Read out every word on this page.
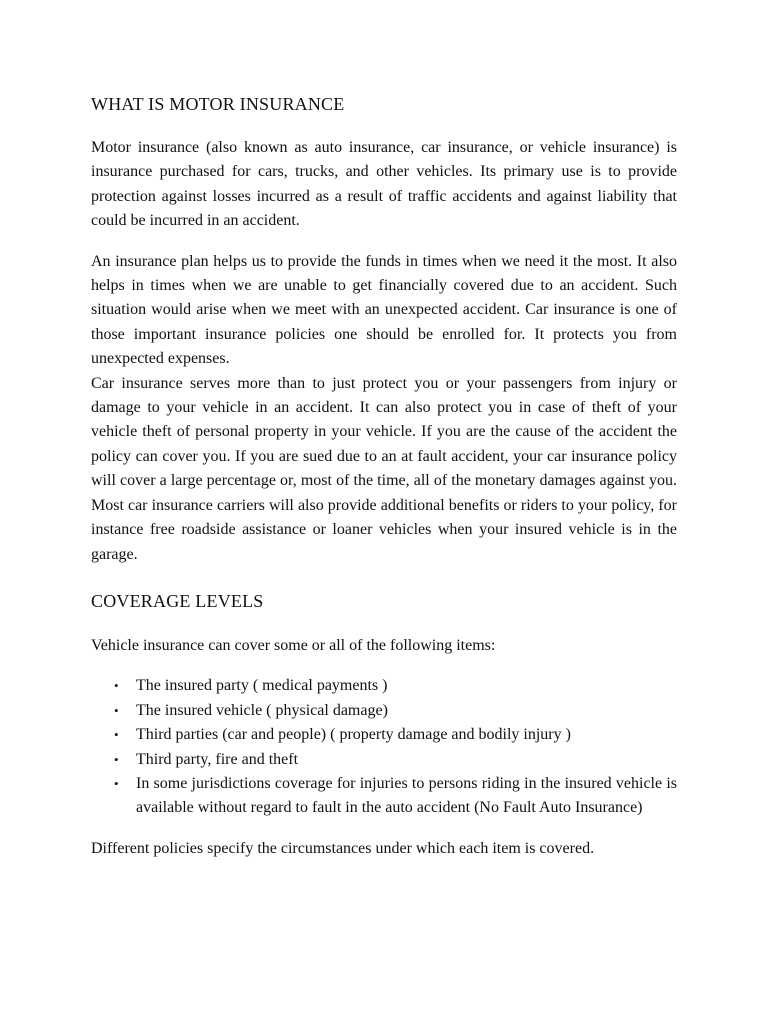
WHAT IS MOTOR INSURANCE

Motor insurance (also known as auto insurance, car insurance, or vehicle insurance) is insurance purchased for cars, trucks, and other vehicles. Its primary use is to provide protection against losses incurred as a result of traffic accidents and against liability that could be incurred in an accident.

An insurance plan helps us to provide the funds in times when we need it the most. It also helps in times when we are unable to get financially covered due to an accident. Such situation would arise when we meet with an unexpected accident. Car insurance is one of those important insurance policies one should be enrolled for. It protects you from unexpected expenses.

Car insurance serves more than to just protect you or your passengers from injury or damage to your vehicle in an accident. It can also protect you in case of theft of your vehicle theft of personal property in your vehicle. If you are the cause of the accident the policy can cover you. If you are sued due to an at fault accident, your car insurance policy will cover a large percentage or, most of the time, all of the monetary damages against you. Most car insurance carriers will also provide additional benefits or riders to your policy, for instance free roadside assistance or loaner vehicles when your insured vehicle is in the garage.

COVERAGE LEVELS

Vehicle insurance can cover some or all of the following items:

• The insured party ( medical payments )
• The insured vehicle ( physical damage)
• Third parties (car and people) ( property damage and bodily injury )
• Third party, fire and theft
• In some jurisdictions coverage for injuries to persons riding in the insured vehicle is available without regard to fault in the auto accident (No Fault Auto Insurance)

Different policies specify the circumstances under which each item is covered.
